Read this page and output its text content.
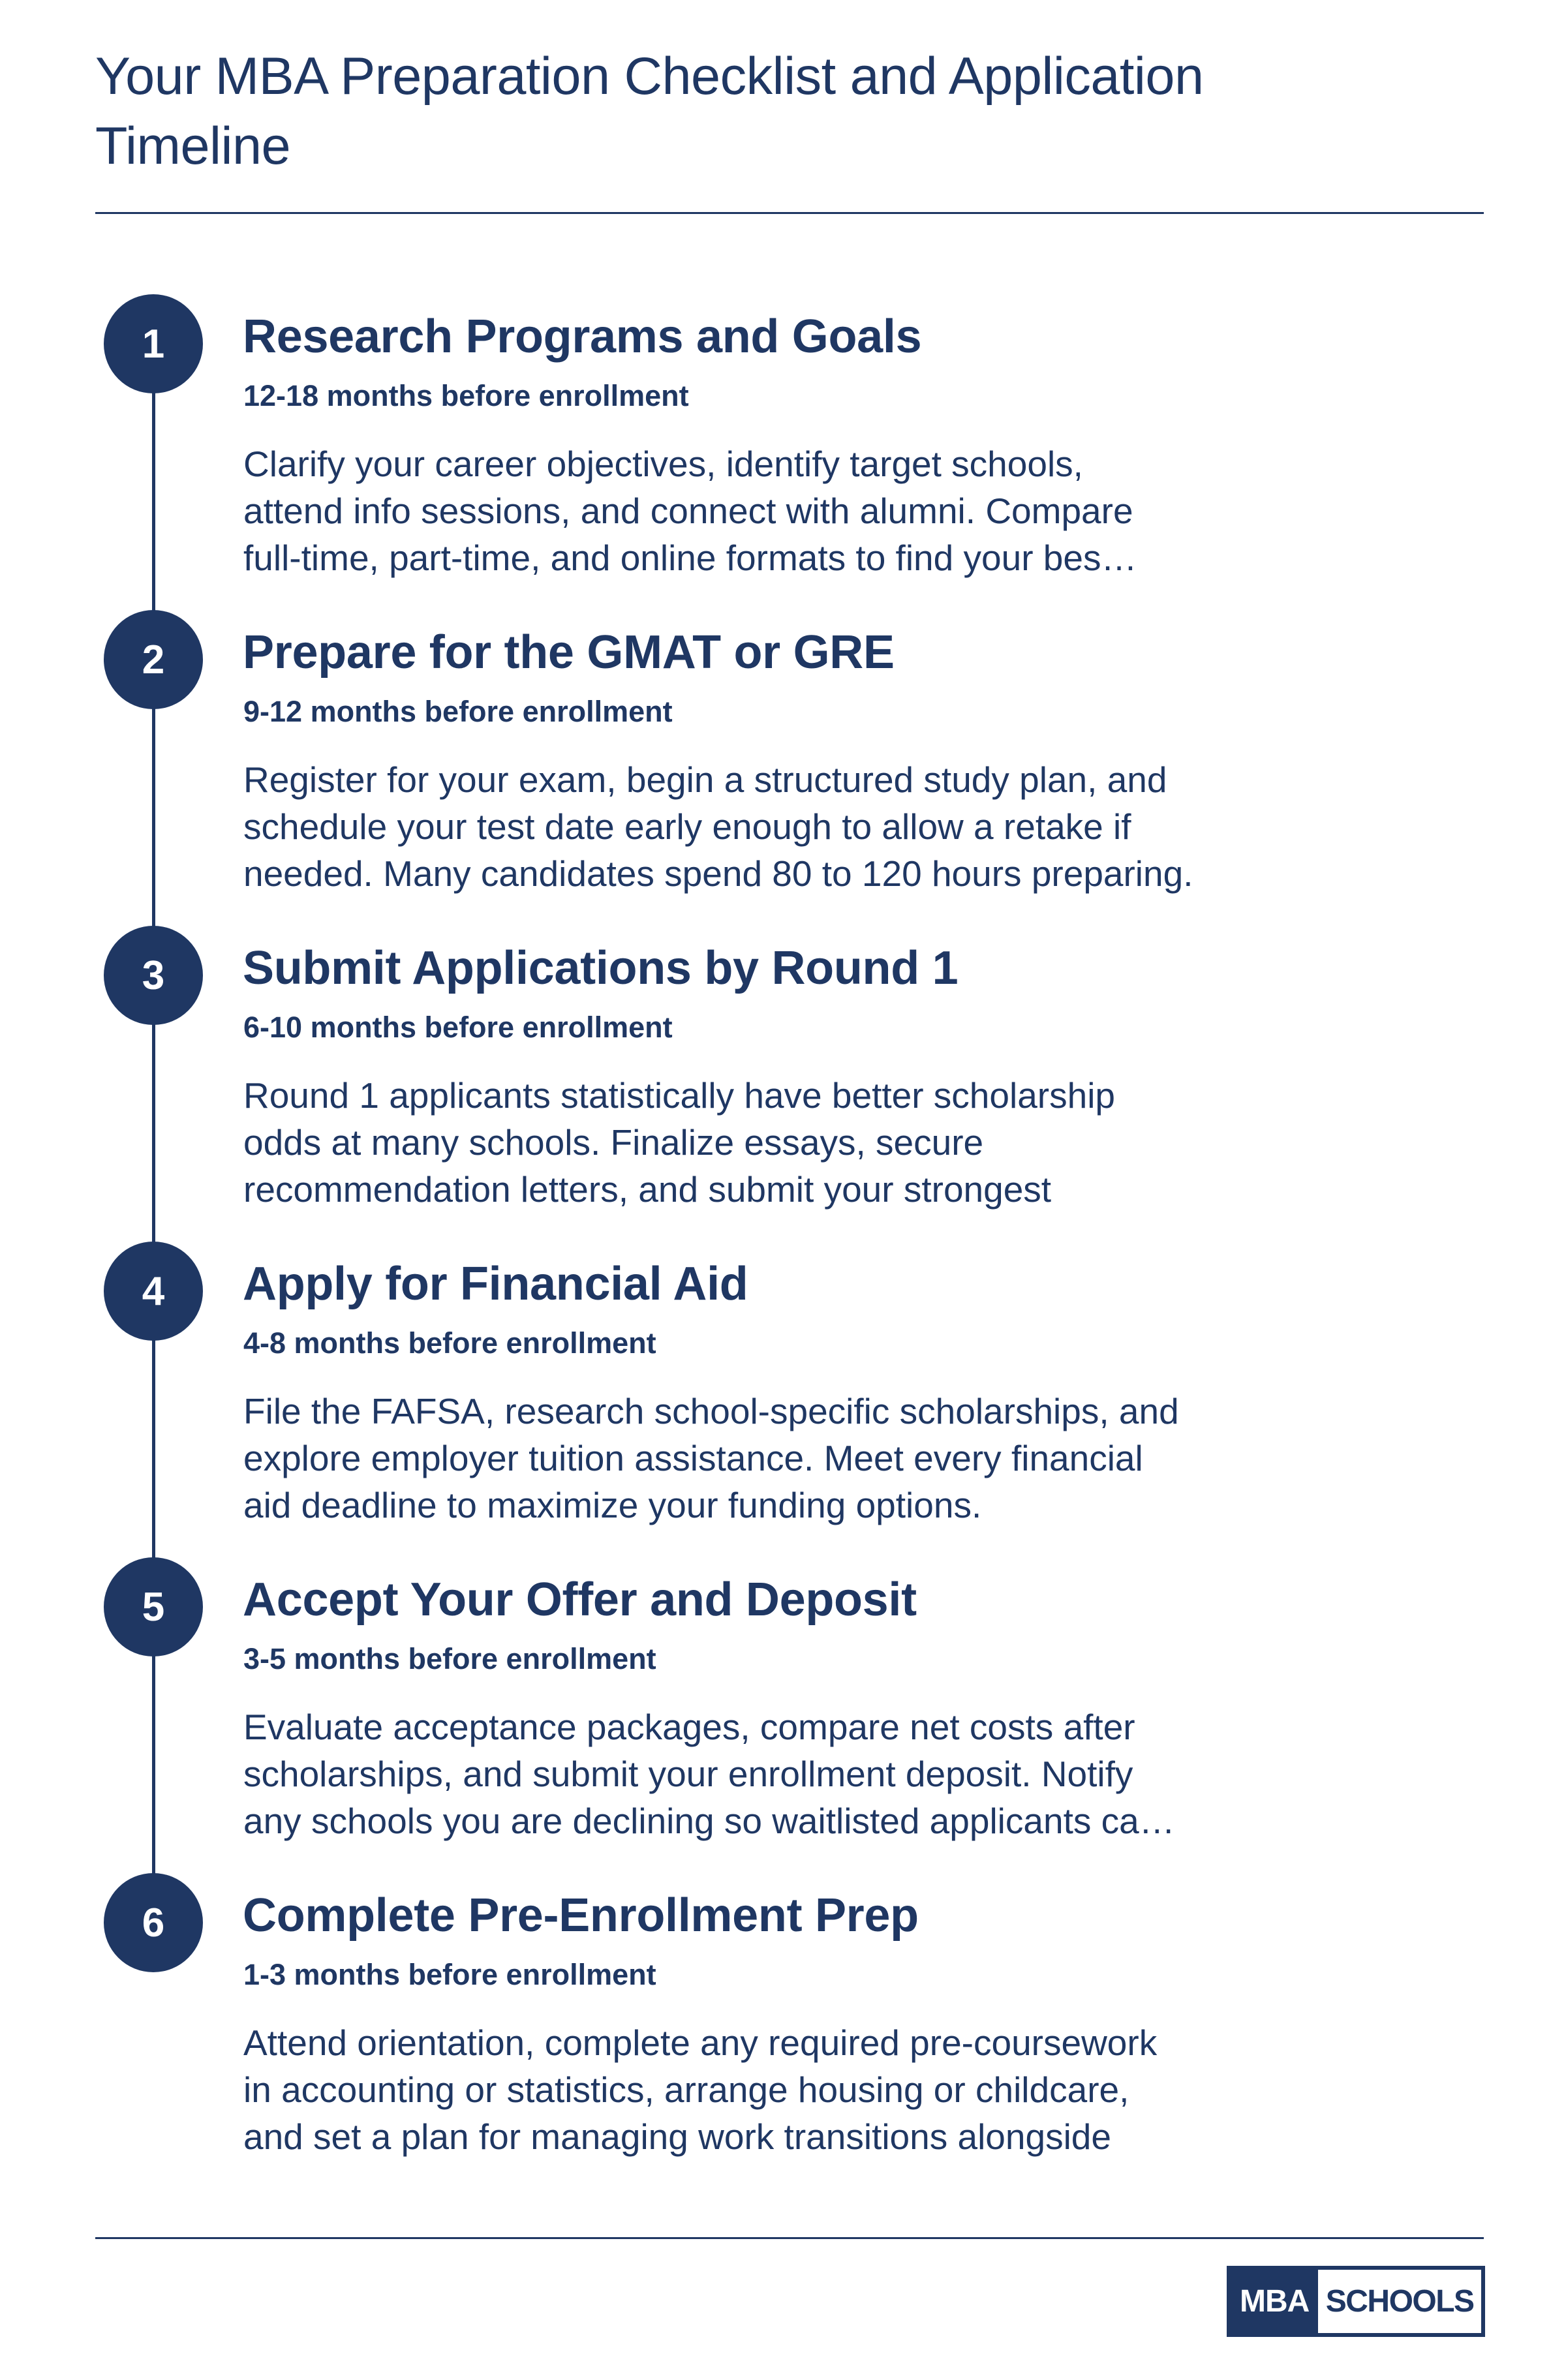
Your MBA Preparation Checklist and Application Timeline
1	Research Programs and Goals
12-18 months before enrollment

Clarify your career objectives, identify target schools,
attend info sessions, and connect with alumni. Compare
full-time, part-time, and online formats to find your bes…

2	Prepare for the GMAT or GRE
9-12 months before enrollment

Register for your exam, begin a structured study plan, and
schedule your test date early enough to allow a retake if
needed. Many candidates spend 80 to 120 hours preparing.

3	Submit Applications by Round 1
6-10 months before enrollment

Round 1 applicants statistically have better scholarship
odds at many schools. Finalize essays, secure
recommendation letters, and submit your strongest

4	Apply for Financial Aid
4-8 months before enrollment

File the FAFSA, research school-specific scholarships, and
explore employer tuition assistance. Meet every financial
aid deadline to maximize your funding options.

5	Accept Your Offer and Deposit
3-5 months before enrollment

Evaluate acceptance packages, compare net costs after
scholarships, and submit your enrollment deposit. Notify
any schools you are declining so waitlisted applicants ca…

6	Complete Pre-Enrollment Prep
1-3 months before enrollment

Attend orientation, complete any required pre-coursework
in accounting or statistics, arrange housing or childcare,
and set a plan for managing work transitions alongside

MBA SCHOOLS
